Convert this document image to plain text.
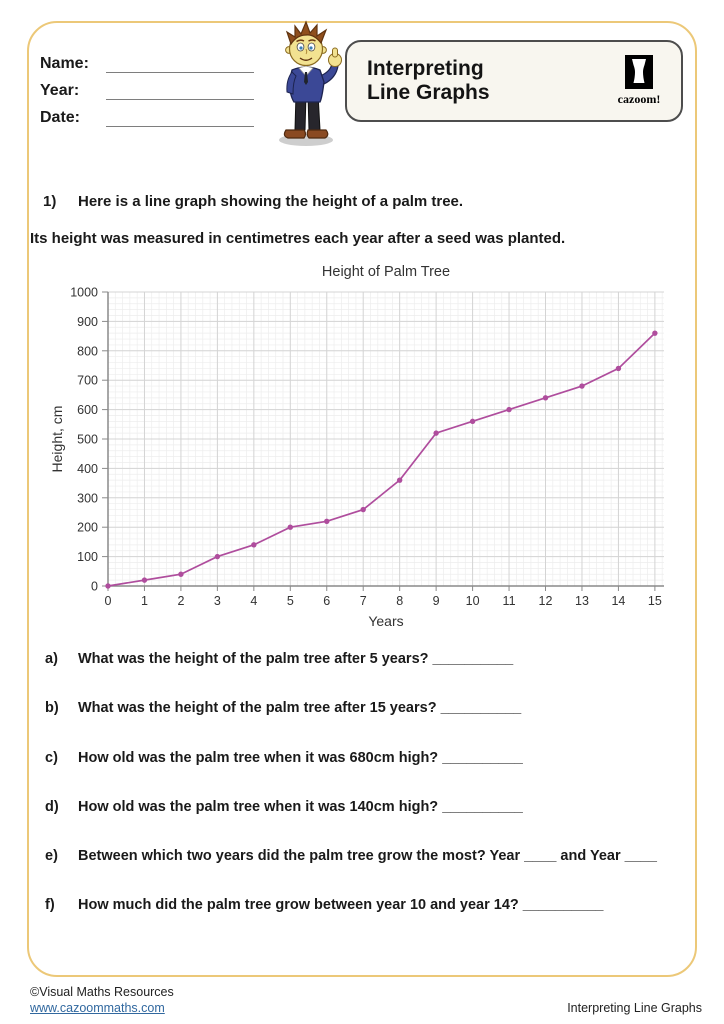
Name:
Year:
Date:
Interpreting
Line Graphs	cazoom!
1) Here is a line graph showing the height of a palm tree.
Its height was measured in centimetres each year after a seed was planted.
0
100
200
300
400
500
600
700
800
900
1000
0 1 2 3 4 5 6 7 8 9 10 11 12 13 14 15
Height of Palm Tree
Years
Height, cm
a)	What was the height of the palm tree after 5 years? __________
b)	What was the height of the palm tree after 15 years? __________
c)	How old was the palm tree when it was 680cm high? __________
d)	How old was the palm tree when it was 140cm high? __________
e)	Between which two years did the palm tree grow the most? Year ____ and Year ____
f)	How much did the palm tree grow between year 10 and year 14? __________
©Visual Maths Resources
www.cazoommaths.com	Interpreting Line Graphs
